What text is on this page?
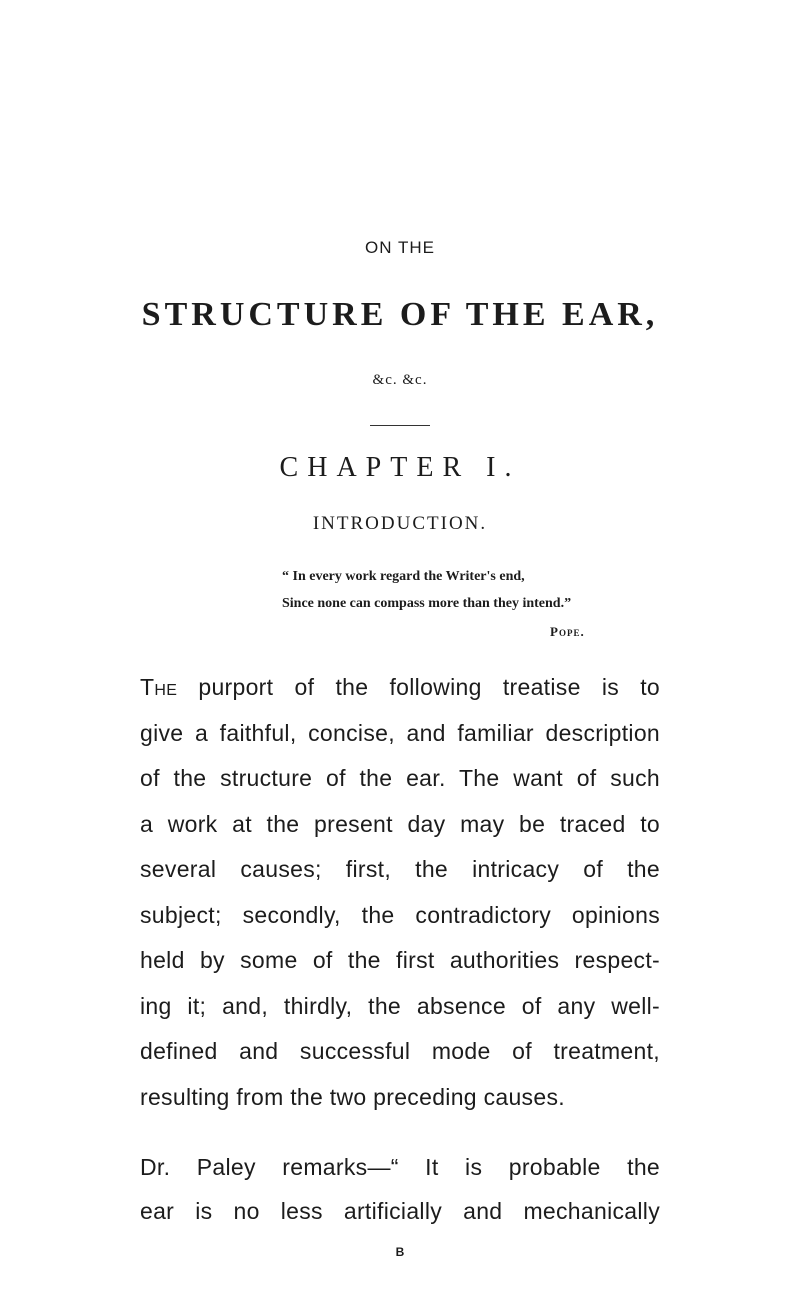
ON THE
STRUCTURE OF THE EAR,
&c. &c.
CHAPTER I.
INTRODUCTION.
“ In every work regard the Writer's end,
Since none can compass more than they intend.”
Pope.
The purport of the following treatise is to
give a faithful, concise, and familiar description
of the structure of the ear. The want of such
a work at the present day may be traced to
several causes; first, the intricacy of the
subject; secondly, the contradictory opinions
held by some of the first authorities respect-
ing it; and, thirdly, the absence of any well-
defined and successful mode of treatment,
resulting from the two preceding causes.
Dr. Paley remarks—“ It is probable the
ear is no less artificially and mechanically
B
